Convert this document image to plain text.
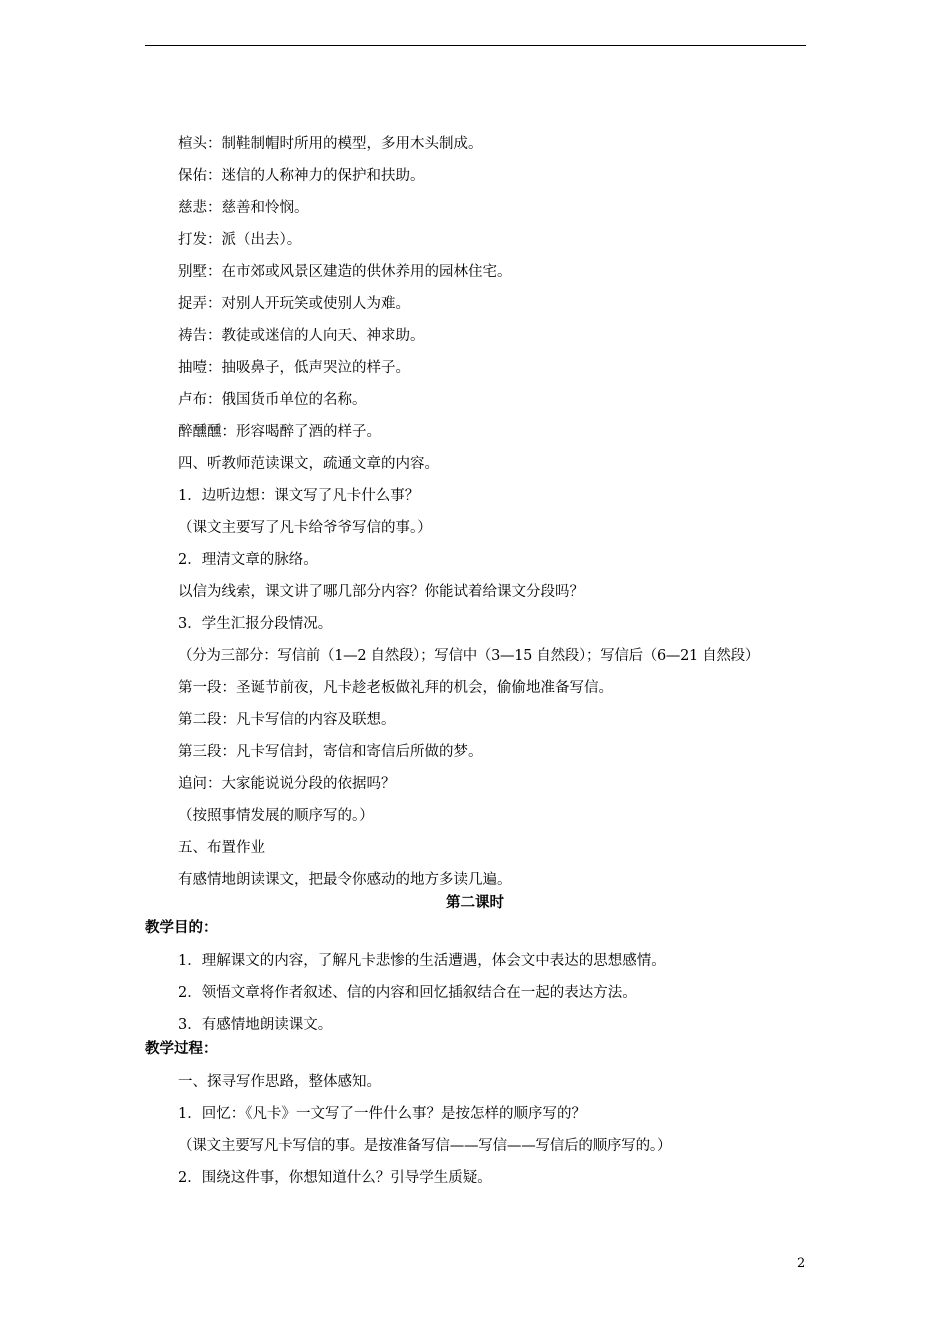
楦头：制鞋制帽时所用的模型，多用木头制成。
保佑：迷信的人称神力的保护和扶助。
慈悲：慈善和怜悯。
打发：派（出去）。
别墅：在市郊或风景区建造的供休养用的园林住宅。
捉弄：对别人开玩笑或使别人为难。
祷告：教徒或迷信的人向天、神求助。
抽噎：抽吸鼻子，低声哭泣的样子。
卢布：俄国货币单位的名称。
醉醺醺：形容喝醉了酒的样子。
四、听教师范读课文，疏通文章的内容。
1．边听边想：课文写了凡卡什么事？
（课文主要写了凡卡给爷爷写信的事。）
2．理清文章的脉络。
以信为线索，课文讲了哪几部分内容？你能试着给课文分段吗？
3．学生汇报分段情况。
（分为三部分：写信前（1—2 自然段）；写信中（3—15 自然段）；写信后（6—21 自然段）
第一段：圣诞节前夜，凡卡趁老板做礼拜的机会，偷偷地准备写信。
第二段：凡卡写信的内容及联想。
第三段：凡卡写信封，寄信和寄信后所做的梦。
追问：大家能说说分段的依据吗？
（按照事情发展的顺序写的。）
五、布置作业
有感情地朗读课文，把最令你感动的地方多读几遍。
第二课时
教学目的：
1．理解课文的内容，了解凡卡悲惨的生活遭遇，体会文中表达的思想感情。
2．领悟文章将作者叙述、信的内容和回忆插叙结合在一起的表达方法。
3．有感情地朗读课文。
教学过程：
一、探寻写作思路，整体感知。
1．回忆：《凡卡》一文写了一件什么事？是按怎样的顺序写的？
（课文主要写凡卡写信的事。是按准备写信——写信——写信后的顺序写的。）
2．围绕这件事，你想知道什么？引导学生质疑。
2
